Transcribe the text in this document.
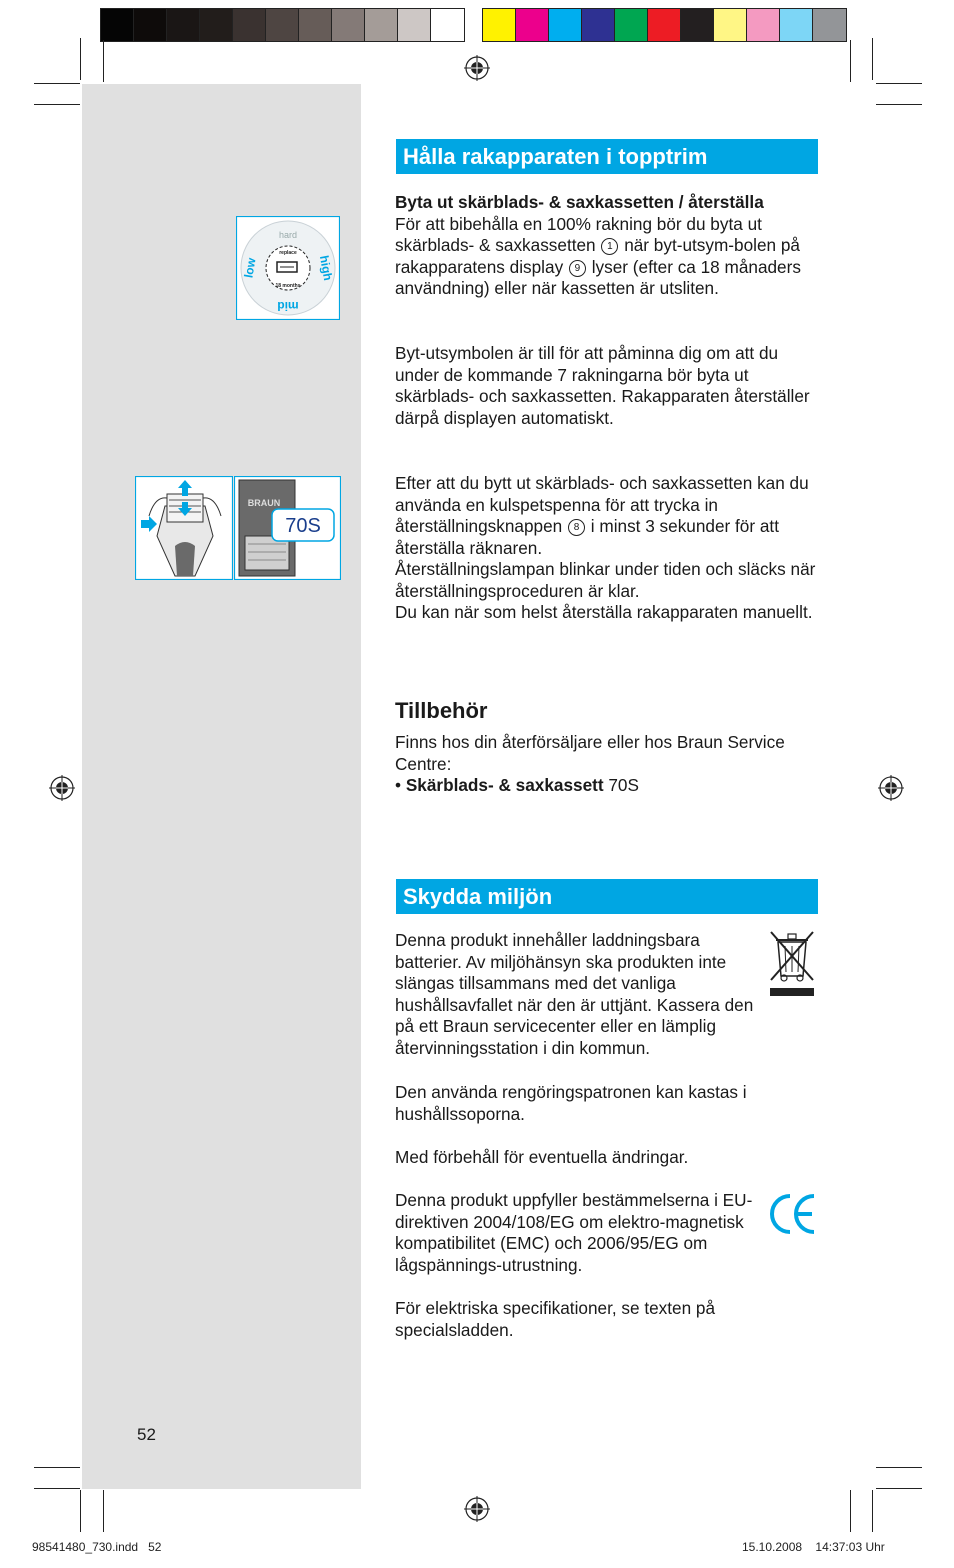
hard
replace
18 months
low	high
mid
BRAUN
70S
Hålla rakapparaten i topptrim

Byta ut skärblads- & saxkassetten / återställa

För att bibehålla en 100% rakning bör du byta ut skärblads- & saxkassetten 1 när byt-utsym-bolen på rakapparatens display 9 lyser (efter ca 18 månaders användning) eller när kassetten är utsliten.

Byt-utsymbolen är till för att påminna dig om att du under de kommande 7 rakningarna bör byta ut skärblads- och saxkassetten. Rakapparaten återställer därpå displayen automatiskt.

Efter att du bytt ut skärblads- och saxkassetten kan du använda en kulspetspenna för att trycka in återställningsknappen 8 i minst 3 sekunder för att återställa räknaren.

Återställningslampan blinkar under tiden och släcks när återställningsproceduren är klar.

Du kan när som helst återställa rakapparaten manuellt.

Tillbehör

Finns hos din återförsäljare eller hos Braun Service Centre:

• Skärblads- & saxkassett 70S

Skydda miljön
Denna produkt innehåller laddningsbara batterier. Av miljöhänsyn ska produkten inte slängas tillsammans med det vanliga hushållsavfallet när den är uttjänt. Kassera den på ett Braun servicecenter eller en lämplig återvinningsstation i din kommun.
Den använda rengöringspatronen kan kastas i hushållssoporna.
Med förbehåll för eventuella ändringar.
Denna produkt uppfyller bestämmelserna i EU-direktiven 2004/108/EG om elektro-magnetisk kompatibilitet (EMC) och 2006/95/EG om lågspännings-utrustning.
CE
För elektriska specifikationer, se texten på specialsladden.
52
98541480_730.indd 52	15.10.2008 14:37:03 Uhr
